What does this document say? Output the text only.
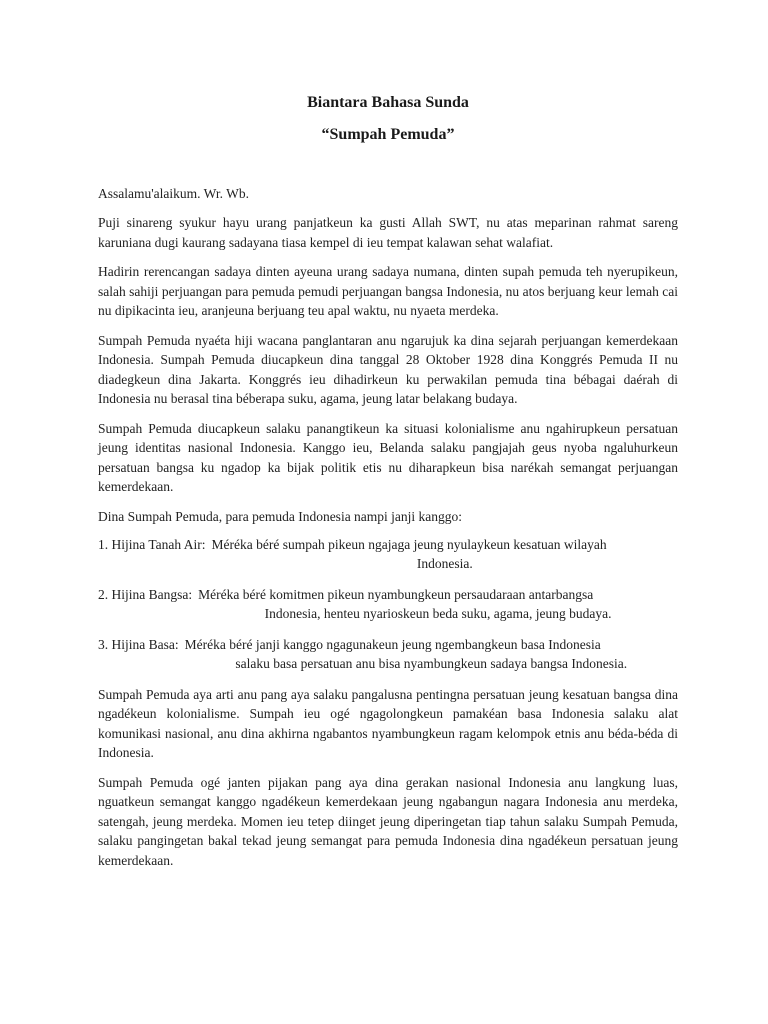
Biantara Bahasa Sunda
“Sumpah Pemuda”
Assalamu'alaikum. Wr. Wb.

Puji sinareng syukur hayu urang panjatkeun ka gusti Allah SWT, nu atas meparinan rahmat sareng karuniana dugi kaurang sadayana tiasa kempel di ieu tempat kalawan sehat walafiat.

Hadirin rerencangan sadaya dinten ayeuna urang sadaya numana, dinten supah pemuda teh nyerupikeun, salah sahiji perjuangan para pemuda pemudi perjuangan bangsa Indonesia, nu atos berjuang keur lemah cai nu dipikacinta ieu, aranjeuna berjuang teu apal waktu, nu nyaeta merdeka.

Sumpah Pemuda nyaéta hiji wacana panglantaran anu ngarujuk ka dina sejarah perjuangan kemerdekaan Indonesia. Sumpah Pemuda diucapkeun dina tanggal 28 Oktober 1928 dina Konggrés Pemuda II nu diadegkeun dina Jakarta. Konggrés ieu dihadirkeun ku perwakilan pemuda tina bébagai daérah di Indonesia nu berasal tina béberapa suku, agama, jeung latar belakang budaya.

Sumpah Pemuda diucapkeun salaku panangtikeun ka situasi kolonialisme anu ngahirupkeun persatuan jeung identitas nasional Indonesia. Kanggo ieu, Belanda salaku pangjajah geus nyoba ngaluhurkeun persatuan bangsa ku ngadop ka bijak politik etis nu diharapkeun bisa narékah semangat perjuangan kemerdekaan.

Dina Sumpah Pemuda, para pemuda Indonesia nampi janji kanggo:
1. Hijina Tanah Air: Méréka béré sumpah pikeun ngajaga jeung nyulaykeun kesatuan wilayah
Indonesia.
2. Hijina Bangsa: Méréka béré komitmen pikeun nyambungkeun persaudaraan antarbangsa
Indonesia, henteu nyarioskeun beda suku, agama, jeung budaya.
3. Hijina Basa: Méréka béré janji kanggo ngagunakeun jeung ngembangkeun basa Indonesia
salaku basa persatuan anu bisa nyambungkeun sadaya bangsa Indonesia.

Sumpah Pemuda aya arti anu pang aya salaku pangalusna pentingna persatuan jeung kesatuan bangsa dina ngadékeun kolonialisme. Sumpah ieu ogé ngagolongkeun pamakéan basa Indonesia salaku alat komunikasi nasional, anu dina akhirna ngabantos nyambungkeun ragam kelompok etnis anu béda-béda di Indonesia.

Sumpah Pemuda ogé janten pijakan pang aya dina gerakan nasional Indonesia anu langkung luas, nguatkeun semangat kanggo ngadékeun kemerdekaan jeung ngabangun nagara Indonesia anu merdeka, satengah, jeung merdeka. Momen ieu tetep diinget jeung diperingetan tiap tahun salaku Sumpah Pemuda, salaku pangingetan bakal tekad jeung semangat para pemuda Indonesia dina ngadékeun persatuan jeung kemerdekaan.
